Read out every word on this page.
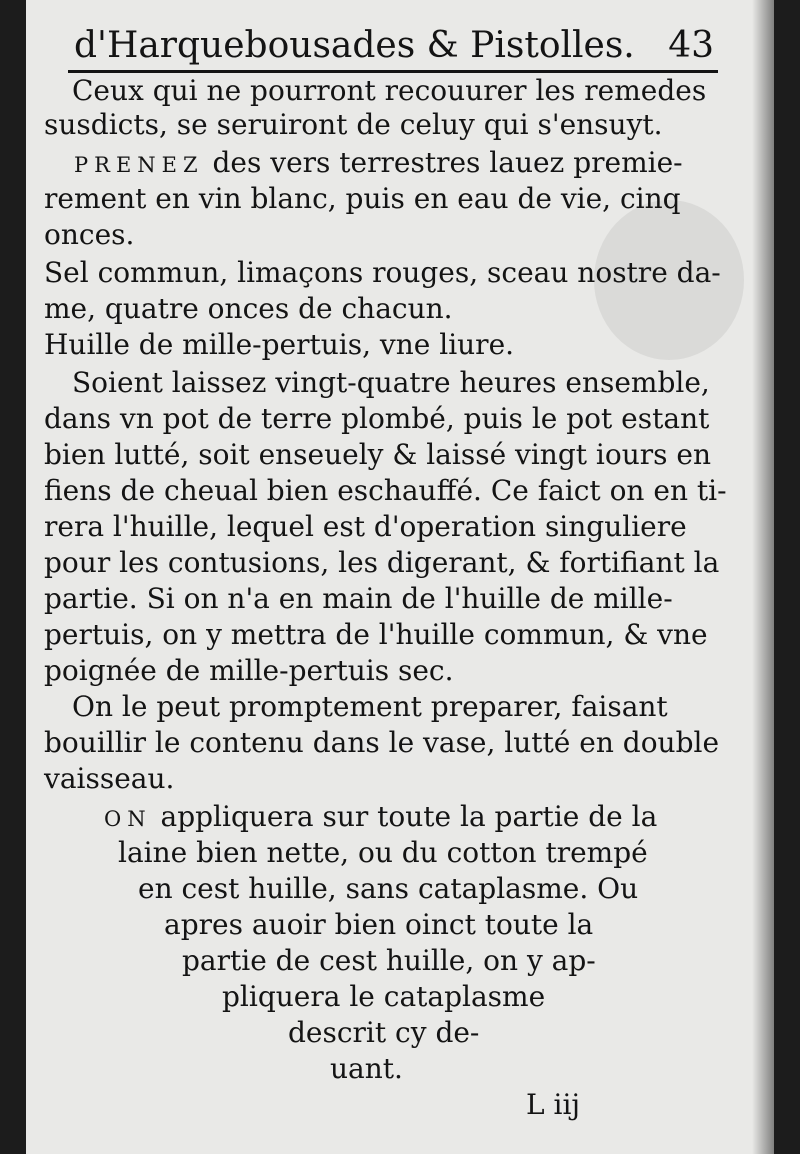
d'Harquebousades & Pistolles. 43
Ceux qui ne pourront recouurer les remedes
susdicts, se seruiront de celuy qui s'ensuyt.
PRENEZ des vers terrestres lauez premie-
rement en vin blanc, puis en eau de vie, cinq
onces.
Sel commun, limaçons rouges, sceau nostre da-
me, quatre onces de chacun.
Huille de mille-pertuis, vne liure.
Soient laissez vingt-quatre heures ensemble,
dans vn pot de terre plombé, puis le pot estant
bien lutté, soit enseuely & laissé vingt iours en
fiens de cheual bien eschauffé. Ce faict on en ti-
rera l'huille, lequel est d'operation singuliere
pour les contusions, les digerant, & fortifiant la
partie. Si on n'a en main de l'huille de mille-
pertuis, on y mettra de l'huille commun, & vne
poignée de mille-pertuis sec.
On le peut promptement preparer, faisant
bouillir le contenu dans le vase, lutté en double
vaisseau.
ON appliquera sur toute la partie de la
laine bien nette, ou du cotton trempé
en cest huille, sans cataplasme. Ou
apres auoir bien oinct toute la
partie de cest huille, on y ap-
pliquera le cataplasme
descrit cy de-
uant.
L iij
